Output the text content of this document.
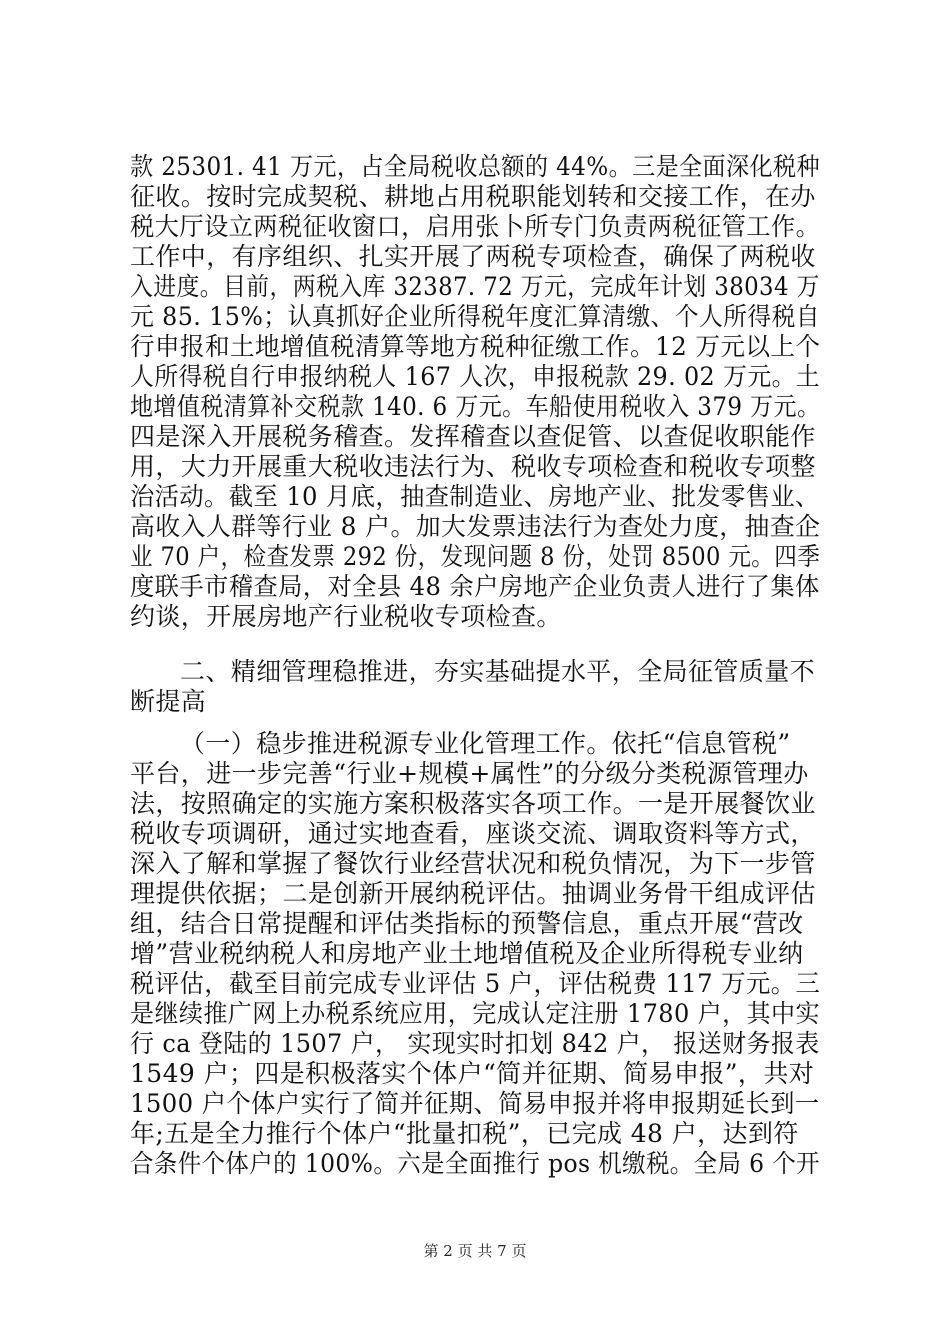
款 25301. 41 万元，占全局税收总额的 44%。三是全面深化税种
征收。按时完成契税、耕地占用税职能划转和交接工作，在办
税大厅设立两税征收窗口，启用张卜所专门负责两税征管工作。
工作中，有序组织、扎实开展了两税专项检查，确保了两税收
入进度。目前，两税入库 32387. 72 万元，完成年计划 38034 万
元 85. 15%；认真抓好企业所得税年度汇算清缴、个人所得税自
行申报和土地增值税清算等地方税种征缴工作。12 万元以上个
人所得税自行申报纳税人 167 人次，申报税款 29. 02 万元。土
地增值税清算补交税款 140. 6 万元。车船使用税收入 379 万元。
四是深入开展税务稽查。发挥稽查以查促管、以查促收职能作
用，大力开展重大税收违法行为、税收专项检查和税收专项整
治活动。截至 10 月底，抽查制造业、房地产业、批发零售业、
高收入人群等行业 8 户。加大发票违法行为查处力度，抽查企
业 70 户，检查发票 292 份，发现问题 8 份，处罚 8500 元。四季
度联手市稽查局，对全县 48 余户房地产企业负责人进行了集体
约谈，开展房地产行业税收专项检查。
二、精细管理稳推进，夯实基础提水平，全局征管质量不
断提高
（一）稳步推进税源专业化管理工作。依托“信息管税”
平台，进一步完善“行业+规模+属性”的分级分类税源管理办
法，按照确定的实施方案积极落实各项工作。一是开展餐饮业
税收专项调研，通过实地查看，座谈交流、调取资料等方式，
深入了解和掌握了餐饮行业经营状况和税负情况，为下一步管
理提供依据；二是创新开展纳税评估。抽调业务骨干组成评估
组，结合日常提醒和评估类指标的预警信息，重点开展“营改
增”营业税纳税人和房地产业土地增值税及企业所得税专业纳
税评估，截至目前完成专业评估 5 户，评估税费 117 万元。三
是继续推广网上办税系统应用，完成认定注册 1780 户，其中实
行 ca 登陆的 1507 户， 实现实时扣划 842 户， 报送财务报表
1549 户；四是积极落实个体户“简并征期、简易申报”，共对
1500 户个体户实行了简并征期、简易申报并将申报期延长到一
年;五是全力推行个体户“批量扣税”，已完成 48 户，达到符
合条件个体户的 100%。六是全面推行 pos 机缴税。全局 6 个开
第 2 页 共 7 页
